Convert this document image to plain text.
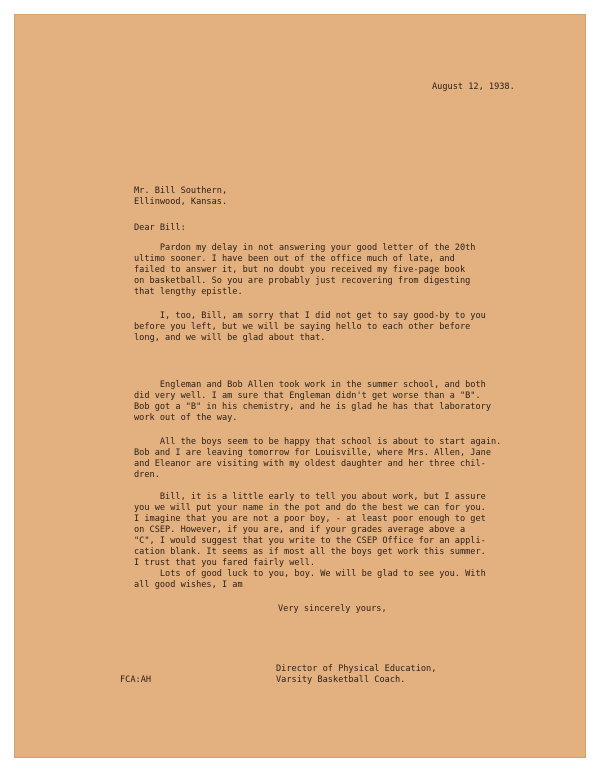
August 12, 1938.
Mr. Bill Southern,
Ellinwood, Kansas.
Dear Bill:
Pardon my delay in not answering your good letter of the 20th
ultimo sooner. I have been out of the office much of late, and
failed to answer it, but no doubt you received my five-page book
on basketball. So you are probably just recovering from digesting
that lengthy epistle.
I, too, Bill, am sorry that I did not get to say good-by to you
before you left, but we will be saying hello to each other before
long, and we will be glad about that.
Engleman and Bob Allen took work in the summer school, and both
did very well. I am sure that Engleman didn't get worse than a "B".
Bob got a "B" in his chemistry, and he is glad he has that laboratory
work out of the way.
All the boys seem to be happy that school is about to start again.
Bob and I are leaving tomorrow for Louisville, where Mrs. Allen, Jane
and Eleanor are visiting with my oldest daughter and her three chil-
dren.
Bill, it is a little early to tell you about work, but I assure
you we will put your name in the pot and do the best we can for you.
I imagine that you are not a poor boy, - at least poor enough to get
on CSEP. However, if you are, and if your grades average above a
"C", I would suggest that you write to the CSEP Office for an appli-
cation blank. It seems as if most all the boys get work this summer.
I trust that you fared fairly well.
Lots of good luck to you, boy. We will be glad to see you. With
all good wishes, I am
Very sincerely yours,
Director of Physical Education,
Varsity Basketball Coach.
FCA:AH
